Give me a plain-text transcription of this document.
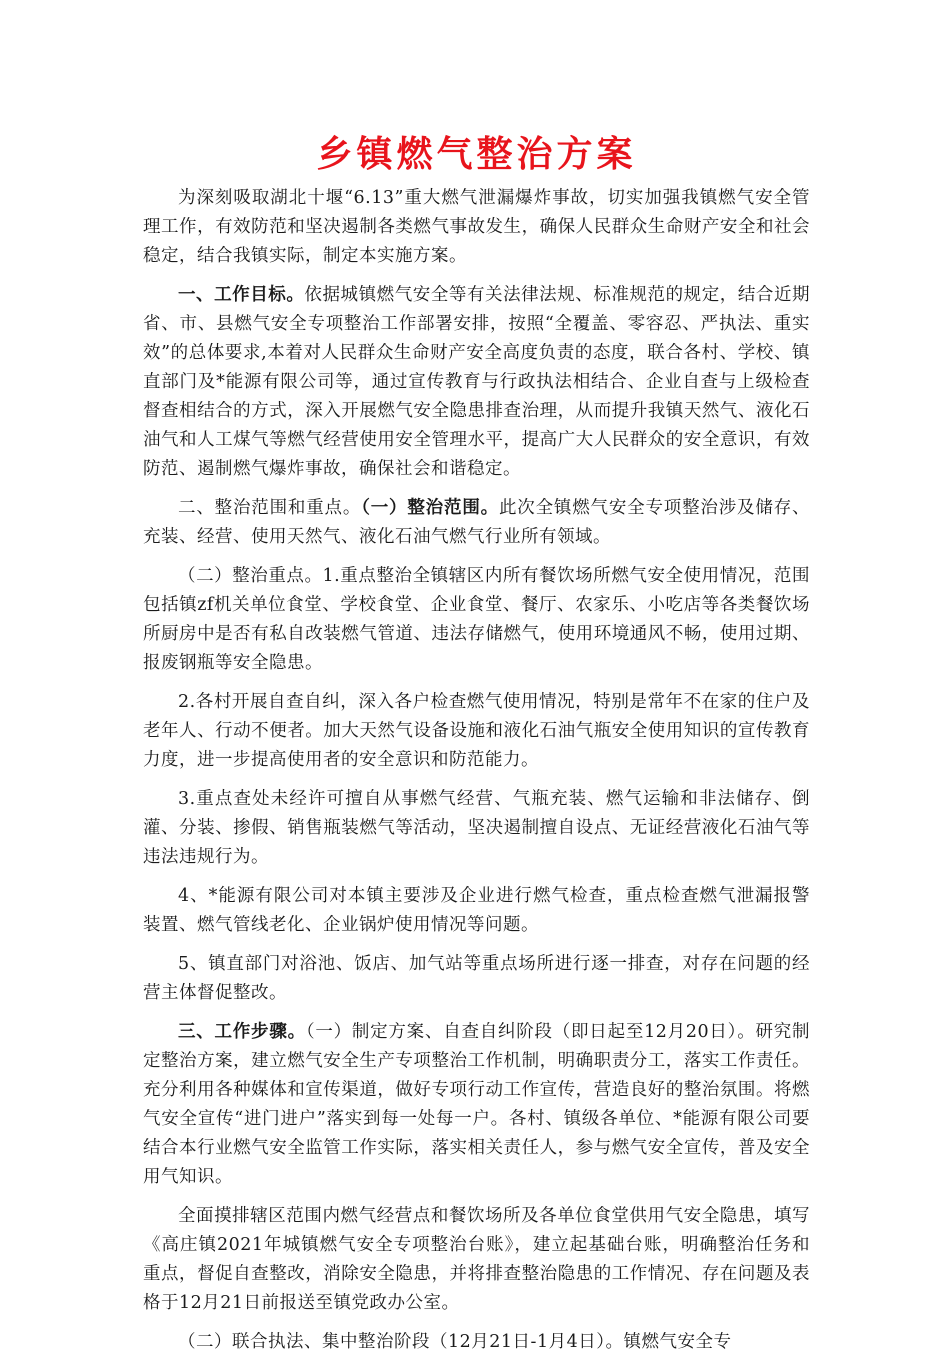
乡镇燃气整治方案

为深刻吸取湖北十堰“6.13”重大燃气泄漏爆炸事故，切实加强我镇燃气安全管理工作，有效防范和坚决遏制各类燃气事故发生，确保人民群众生命财产安全和社会稳定，结合我镇实际，制定本实施方案。

一、工作目标。依据城镇燃气安全等有关法律法规、标准规范的规定，结合近期省、市、县燃气安全专项整治工作部署安排，按照“全覆盖、零容忍、严执法、重实效”的总体要求,本着对人民群众生命财产安全高度负责的态度，联合各村、学校、镇直部门及*能源有限公司等，通过宣传教育与行政执法相结合、企业自查与上级检查督查相结合的方式，深入开展燃气安全隐患排查治理，从而提升我镇天然气、液化石油气和人工煤气等燃气经营使用安全管理水平，提高广大人民群众的安全意识，有效防范、遏制燃气爆炸事故，确保社会和谐稳定。

二、整治范围和重点。（一）整治范围。此次全镇燃气安全专项整治涉及储存、充装、经营、使用天然气、液化石油气燃气行业所有领域。

（二）整治重点。1.重点整治全镇辖区内所有餐饮场所燃气安全使用情况，范围包括镇zf机关单位食堂、学校食堂、企业食堂、餐厅、农家乐、小吃店等各类餐饮场所厨房中是否有私自改装燃气管道、违法存储燃气，使用环境通风不畅，使用过期、报废钢瓶等安全隐患。

2.各村开展自查自纠，深入各户检查燃气使用情况，特别是常年不在家的住户及老年人、行动不便者。加大天然气设备设施和液化石油气瓶安全使用知识的宣传教育力度，进一步提高使用者的安全意识和防范能力。

3.重点查处未经许可擅自从事燃气经营、气瓶充装、燃气运输和非法储存、倒灌、分装、掺假、销售瓶装燃气等活动，坚决遏制擅自设点、无证经营液化石油气等违法违规行为。

4、*能源有限公司对本镇主要涉及企业进行燃气检查，重点检查燃气泄漏报警装置、燃气管线老化、企业锅炉使用情况等问题。

5、镇直部门对浴池、饭店、加气站等重点场所进行逐一排查，对存在问题的经营主体督促整改。

三、工作步骤。（一）制定方案、自查自纠阶段（即日起至12月20日）。研究制定整治方案，建立燃气安全生产专项整治工作机制，明确职责分工，落实工作责任。充分利用各种媒体和宣传渠道，做好专项行动工作宣传，营造良好的整治氛围。将燃气安全宣传“进门进户”落实到每一处每一户。各村、镇级各单位、*能源有限公司要结合本行业燃气安全监管工作实际，落实相关责任人，参与燃气安全宣传，普及安全用气知识。

全面摸排辖区范围内燃气经营点和餐饮场所及各单位食堂供用气安全隐患，填写《高庄镇2021年城镇燃气安全专项整治台账》，建立起基础台账，明确整治任务和重点，督促自查整改，消除安全隐患，并将排查整治隐患的工作情况、存在问题及表格于12月21日前报送至镇党政办公室。

（二）联合执法、集中整治阶段（12月21日-1月4日）。镇燃气安全专
